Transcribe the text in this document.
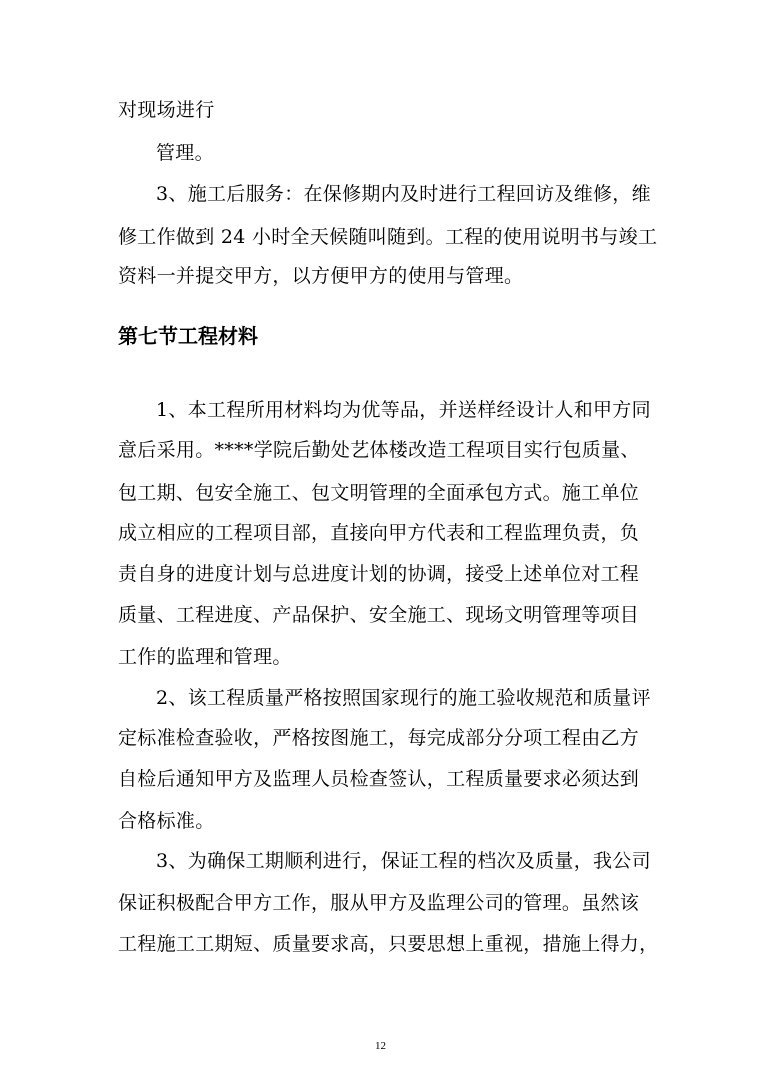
对现场进行
管理。
3、施工后服务：在保修期内及时进行工程回访及维修，维
修工作做到 24 小时全天候随叫随到。工程的使用说明书与竣工
资料一并提交甲方，以方便甲方的使用与管理。
第七节工程材料
1、本工程所用材料均为优等品，并送样经设计人和甲方同
意后采用。****学院后勤处艺体楼改造工程项目实行包质量、
包工期、包安全施工、包文明管理的全面承包方式。施工单位
成立相应的工程项目部，直接向甲方代表和工程监理负责，负
责自身的进度计划与总进度计划的协调，接受上述单位对工程
质量、工程进度、产品保护、安全施工、现场文明管理等项目
工作的监理和管理。
2、该工程质量严格按照国家现行的施工验收规范和质量评
定标准检查验收，严格按图施工，每完成部分分项工程由乙方
自检后通知甲方及监理人员检查签认，工程质量要求必须达到
合格标准。
3、为确保工期顺利进行，保证工程的档次及质量，我公司
保证积极配合甲方工作，服从甲方及监理公司的管理。虽然该
工程施工工期短、质量要求高，只要思想上重视，措施上得力，
12
